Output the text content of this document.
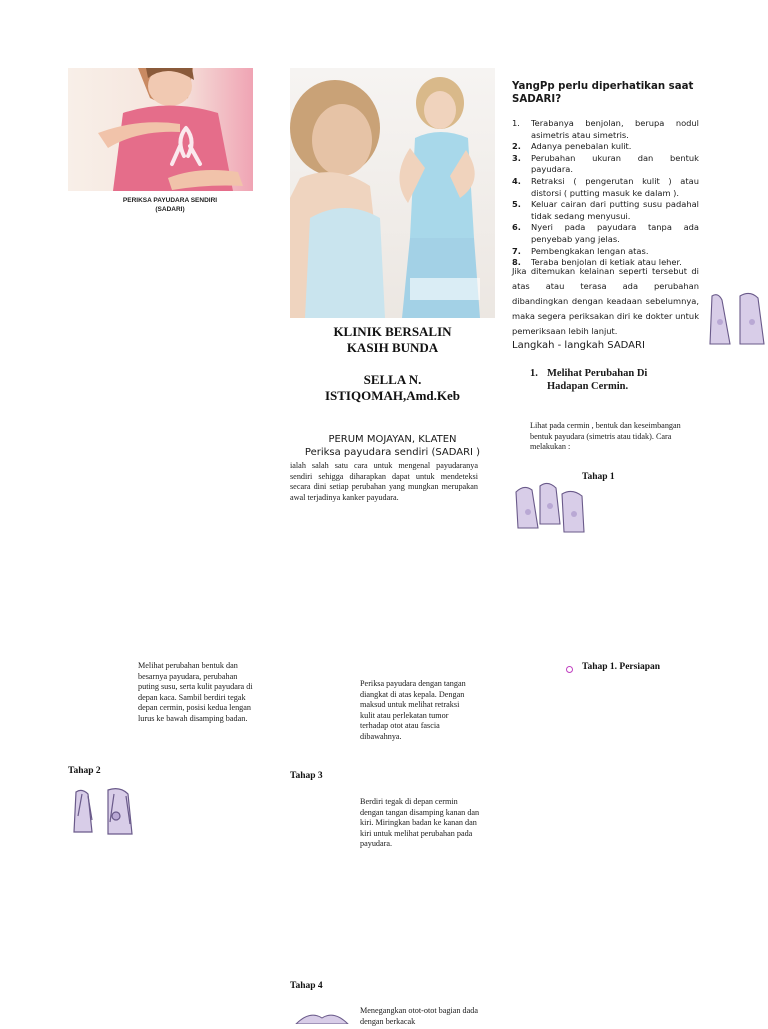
PERIKSA PAYUDARA SENDIRI
(SADARI)
Melihat perubahan bentuk dan besarnya payudara, perubahan puting susu, serta kulit payudara di depan kaca. Sambil berdiri tegak depan cermin, posisi kedua lengan lurus ke bawah disamping badan.
Tahap 2
KLINIK BERSALIN
KASIH BUNDA
SELLA N.
ISTIQOMAH,Amd.Keb
PERUM MOJAYAN, KLATEN
Periksa payudara sendiri (SADARI )
ialah salah satu cara untuk mengenal payudaranya sendiri sehigga diharapkan dapat untuk mendeteksi secara dini setiap perubahan yang mungkan merupakan awal terjadinya kanker payudara.
Periksa payudara dengan tangan diangkat di atas kepala. Dengan maksud untuk melihat retraksi kulit atau perlekatan tumor terhadap otot atau fascia dibawahnya.
Tahap 3
Berdiri tegak di depan cermin dengan tangan disamping kanan dan kiri. Miringkan badan ke kanan dan kiri untuk melihat perubahan pada payudara.
Tahap 4
Menegangkan otot-otot bagian dada dengan berkacak
YangPp perlu diperhatikan saat
SADARI?
1. Terabanya benjolan, berupa nodul asimetris atau simetris.
2. Adanya penebalan kulit.
3. Perubahan ukuran dan bentuk payudara.
4. Retraksi ( pengerutan kulit ) atau distorsi ( putting masuk ke dalam ).
5. Keluar cairan dari putting susu padahal tidak sedang menyusui.
6. Nyeri pada payudara tanpa ada penyebab yang jelas.
7. Pembengkakan lengan atas.
8. Teraba benjolan di ketiak atau leher.
Jika ditemukan kelainan seperti tersebut di atas atau terasa ada perubahan dibandingkan dengan keadaan sebelumnya, maka segera periksakan diri ke dokter untuk pemeriksaan lebih lanjut.
Langkah - langkah SADARI
1. Melihat Perubahan Di
Hadapan Cermin.
Lihat pada cermin , bentuk dan keseimbangan bentuk payudara (simetris atau tidak). Cara melakukan :
Tahap 1
Tahap 1. Persiapan
